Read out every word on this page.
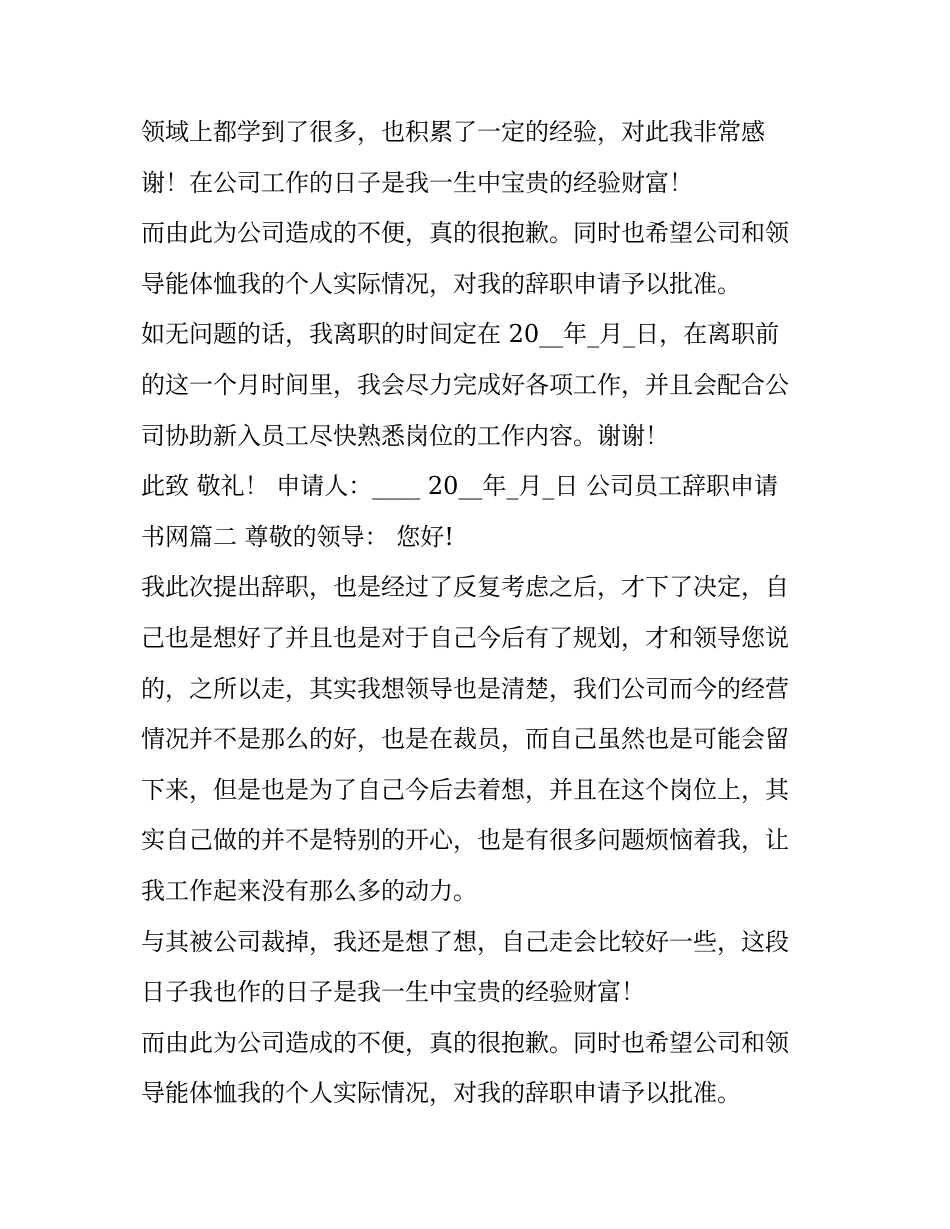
领域上都学到了很多，也积累了一定的经验，对此我非常感
谢！在公司工作的日子是我一生中宝贵的经验财富！
而由此为公司造成的不便，真的很抱歉。同时也希望公司和领
导能体恤我的个人实际情况，对我的辞职申请予以批准。
如无问题的话，我离职的时间定在 20__年_月_日，在离职前
的这一个月时间里，我会尽力完成好各项工作，并且会配合公
司协助新入员工尽快熟悉岗位的工作内容。谢谢！
此致 敬礼！ 申请人：____ 20__年_月_日 公司员工辞职申请
书网篇二 尊敬的领导： 您好!
我此次提出辞职，也是经过了反复考虑之后，才下了决定，自
己也是想好了并且也是对于自己今后有了规划，才和领导您说
的，之所以走，其实我想领导也是清楚，我们公司而今的经营
情况并不是那么的好，也是在裁员，而自己虽然也是可能会留
下来，但是也是为了自己今后去着想，并且在这个岗位上，其
实自己做的并不是特别的开心，也是有很多问题烦恼着我，让
我工作起来没有那么多的动力。
与其被公司裁掉，我还是想了想，自己走会比较好一些，这段
日子我也作的日子是我一生中宝贵的经验财富！
而由此为公司造成的不便，真的很抱歉。同时也希望公司和领
导能体恤我的个人实际情况，对我的辞职申请予以批准。
